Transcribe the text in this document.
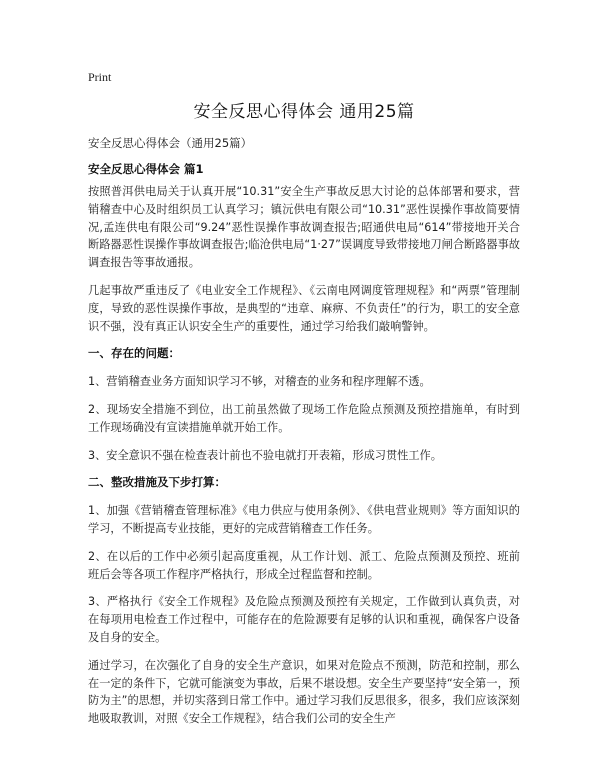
Print
安全反思心得体会 通用25篇
安全反思心得体会（通用25篇）
安全反思心得体会 篇1

按照普洱供电局关于认真开展“10.31”安全生产事故反思大讨论的总体部署和要求，营销稽查中心及时组织员工认真学习；镇沅供电有限公司“10.31”恶性误操作事故简要情况,孟连供电有限公司“9.24”恶性误操作事故调查报告;昭通供电局“614”带接地开关合断路器恶性误操作事故调查报告;临沧供电局“1·27”误调度导致带接地刀闸合断路器事故调查报告等事故通报。

几起事故严重违反了《电业安全工作规程》、《云南电网调度管理规程》和“两票”管理制度，导致的恶性误操作事故，是典型的“违章、麻痹、不负责任”的行为，职工的安全意识不强，没有真正认识安全生产的重要性，通过学习给我们敲响警钟。

一、存在的问题：

1、营销稽查业务方面知识学习不够，对稽查的业务和程序理解不透。

2、现场安全措施不到位，出工前虽然做了现场工作危险点预测及预控措施单，有时到工作现场确没有宣读措施单就开始工作。

3、安全意识不强在检查表计前也不验电就打开表箱，形成习贯性工作。

二、整改措施及下步打算：

1、加强《营销稽查管理标准》《电力供应与使用条例》、《供电营业规则》等方面知识的学习，不断提高专业技能，更好的完成营销稽查工作任务。

2、在以后的工作中必须引起高度重视，从工作计划、派工、危险点预测及预控、班前班后会等各项工作程序严格执行，形成全过程监督和控制。

3、严格执行《安全工作规程》及危险点预测及预控有关规定，工作做到认真负责，对在每项用电检查工作过程中，可能存在的危险源要有足够的认识和重视，确保客户设备及自身的安全。

通过学习，在次强化了自身的安全生产意识，如果对危险点不预测，防范和控制，那么在一定的条件下，它就可能演变为事故，后果不堪设想。安全生产要坚持“安全第一，预防为主”的思想，并切实落到日常工作中。通过学习我们反思很多，很多，我们应该深刻地吸取教训，对照《安全工作规程》，结合我们公司的安全生产
